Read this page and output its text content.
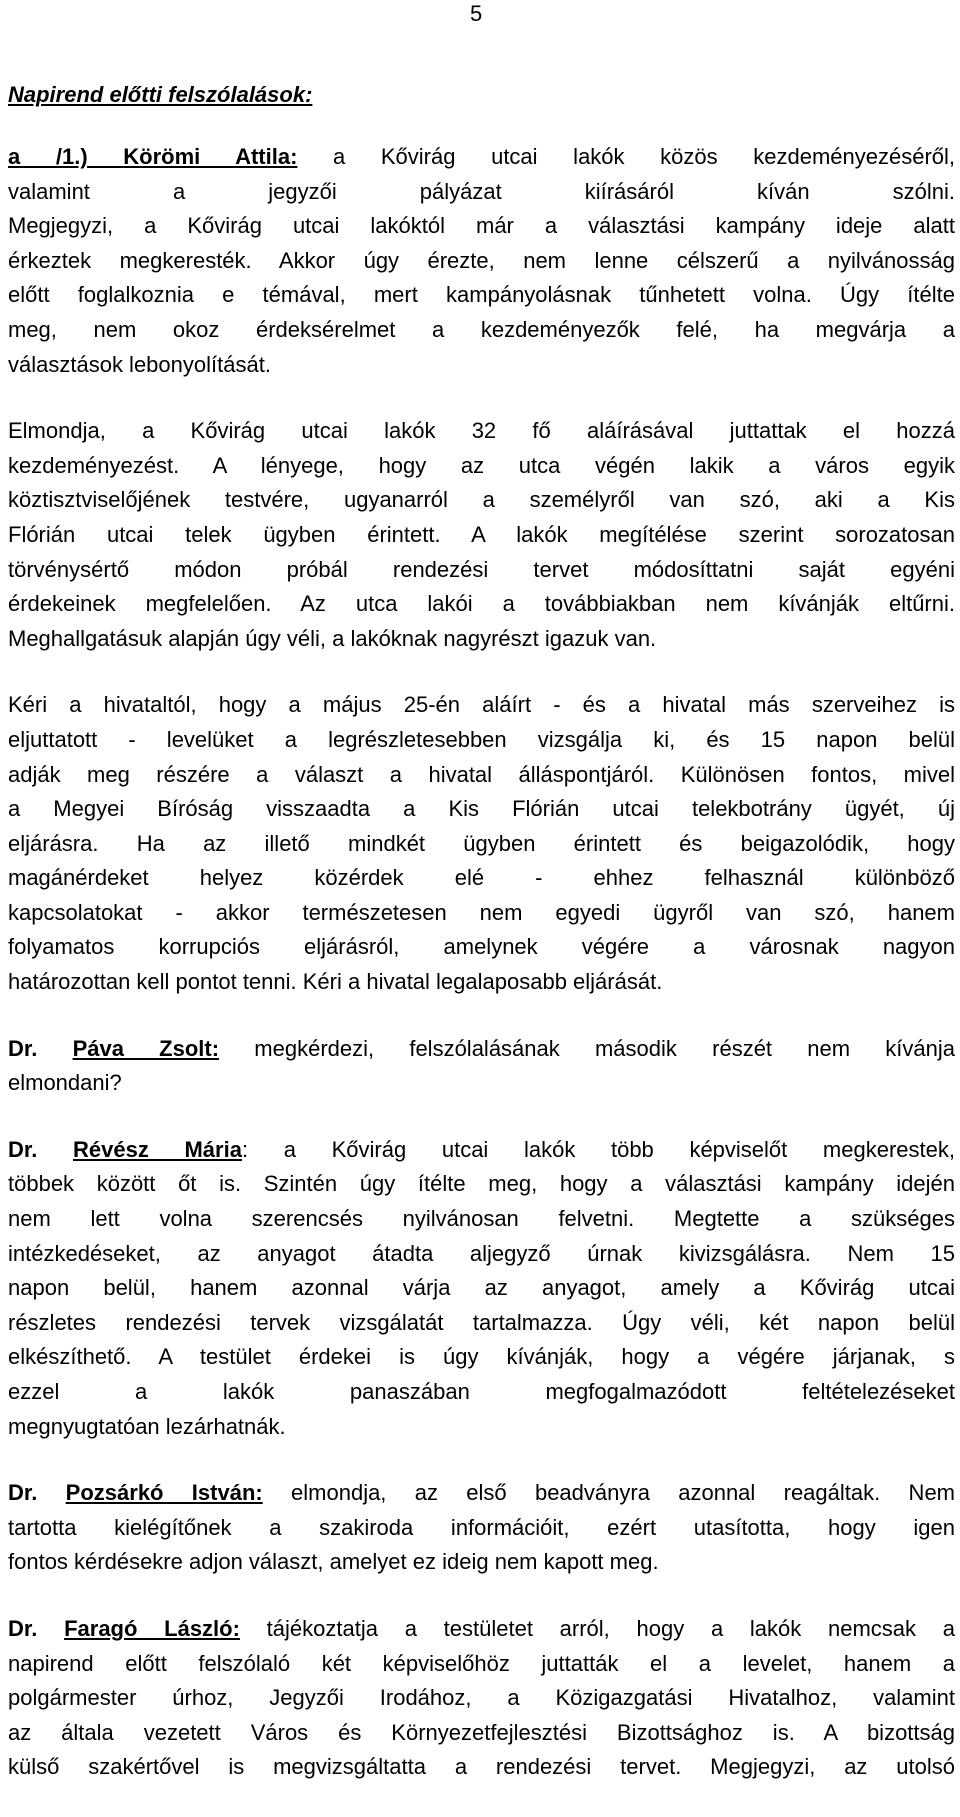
5
Napirend előtti felszólalások:
a /1.) Körömi Attila: a Kővirág utcai lakók közös kezdeményezéséről,
valamint a jegyzői pályázat kiírásáról kíván szólni.
Megjegyzi, a Kővirág utcai lakóktól már a választási kampány ideje alatt
érkeztek megkeresték. Akkor úgy érezte, nem lenne célszerű a nyilvánosság
előtt foglalkoznia e témával, mert kampányolásnak tűnhetett volna. Úgy ítélte
meg, nem okoz érdeksérelmet a kezdeményezők felé, ha megvárja a
választások lebonyolítását.
Elmondja, a Kővirág utcai lakók 32 fő aláírásával juttattak el hozzá
kezdeményezést. A lényege, hogy az utca végén lakik a város egyik
köztisztviselőjének testvére, ugyanarról a személyről van szó, aki a Kis
Flórián utcai telek ügyben érintett. A lakók megítélése szerint sorozatosan
törvénysértő módon próbál rendezési tervet módosíttatni saját egyéni
érdekeinek megfelelően. Az utca lakói a továbbiakban nem kívánják eltűrni.
Meghallgatásuk alapján úgy véli, a lakóknak nagyrészt igazuk van.
Kéri a hivataltól, hogy a május 25-én aláírt - és a hivatal más szerveihez is
eljuttatott - levelüket a legrészletesebben vizsgálja ki, és 15 napon belül
adják meg részére a választ a hivatal álláspontjáról. Különösen fontos, mivel
a Megyei Bíróság visszaadta a Kis Flórián utcai telekbotrány ügyét, új
eljárásra. Ha az illető mindkét ügyben érintett és beigazolódik, hogy
magánérdeket helyez közérdek elé - ehhez felhasznál különböző
kapcsolatokat - akkor természetesen nem egyedi ügyről van szó, hanem
folyamatos korrupciós eljárásról, amelynek végére a városnak nagyon
határozottan kell pontot tenni. Kéri a hivatal legalaposabb eljárását.
Dr. Páva Zsolt: megkérdezi, felszólalásának második részét nem kívánja
elmondani?
Dr. Révész Mária: a Kővirág utcai lakók több képviselőt megkerestek,
többek között őt is. Szintén úgy ítélte meg, hogy a választási kampány idején
nem lett volna szerencsés nyilvánosan felvetni. Megtette a szükséges
intézkedéseket, az anyagot átadta aljegyző úrnak kivizsgálásra. Nem 15
napon belül, hanem azonnal várja az anyagot, amely a Kővirág utcai
részletes rendezési tervek vizsgálatát tartalmazza. Úgy véli, két napon belül
elkészíthető. A testület érdekei is úgy kívánják, hogy a végére járjanak, s
ezzel a lakók panaszában megfogalmazódott feltételezéseket
megnyugtatóan lezárhatnák.
Dr. Pozsárkó István: elmondja, az első beadványra azonnal reagáltak. Nem
tartotta kielégítőnek a szakiroda információit, ezért utasította, hogy igen
fontos kérdésekre adjon választ, amelyet ez ideig nem kapott meg.
Dr. Faragó László: tájékoztatja a testületet arról, hogy a lakók nemcsak a
napirend előtt felszólaló két képviselőhöz juttatták el a levelet, hanem a
polgármester úrhoz, Jegyzői Irodához, a Közigazgatási Hivatalhoz, valamint
az általa vezetett Város és Környezetfejlesztési Bizottsághoz is. A bizottság
külső szakértővel is megvizsgáltatta a rendezési tervet. Megjegyzi, az utolsó
